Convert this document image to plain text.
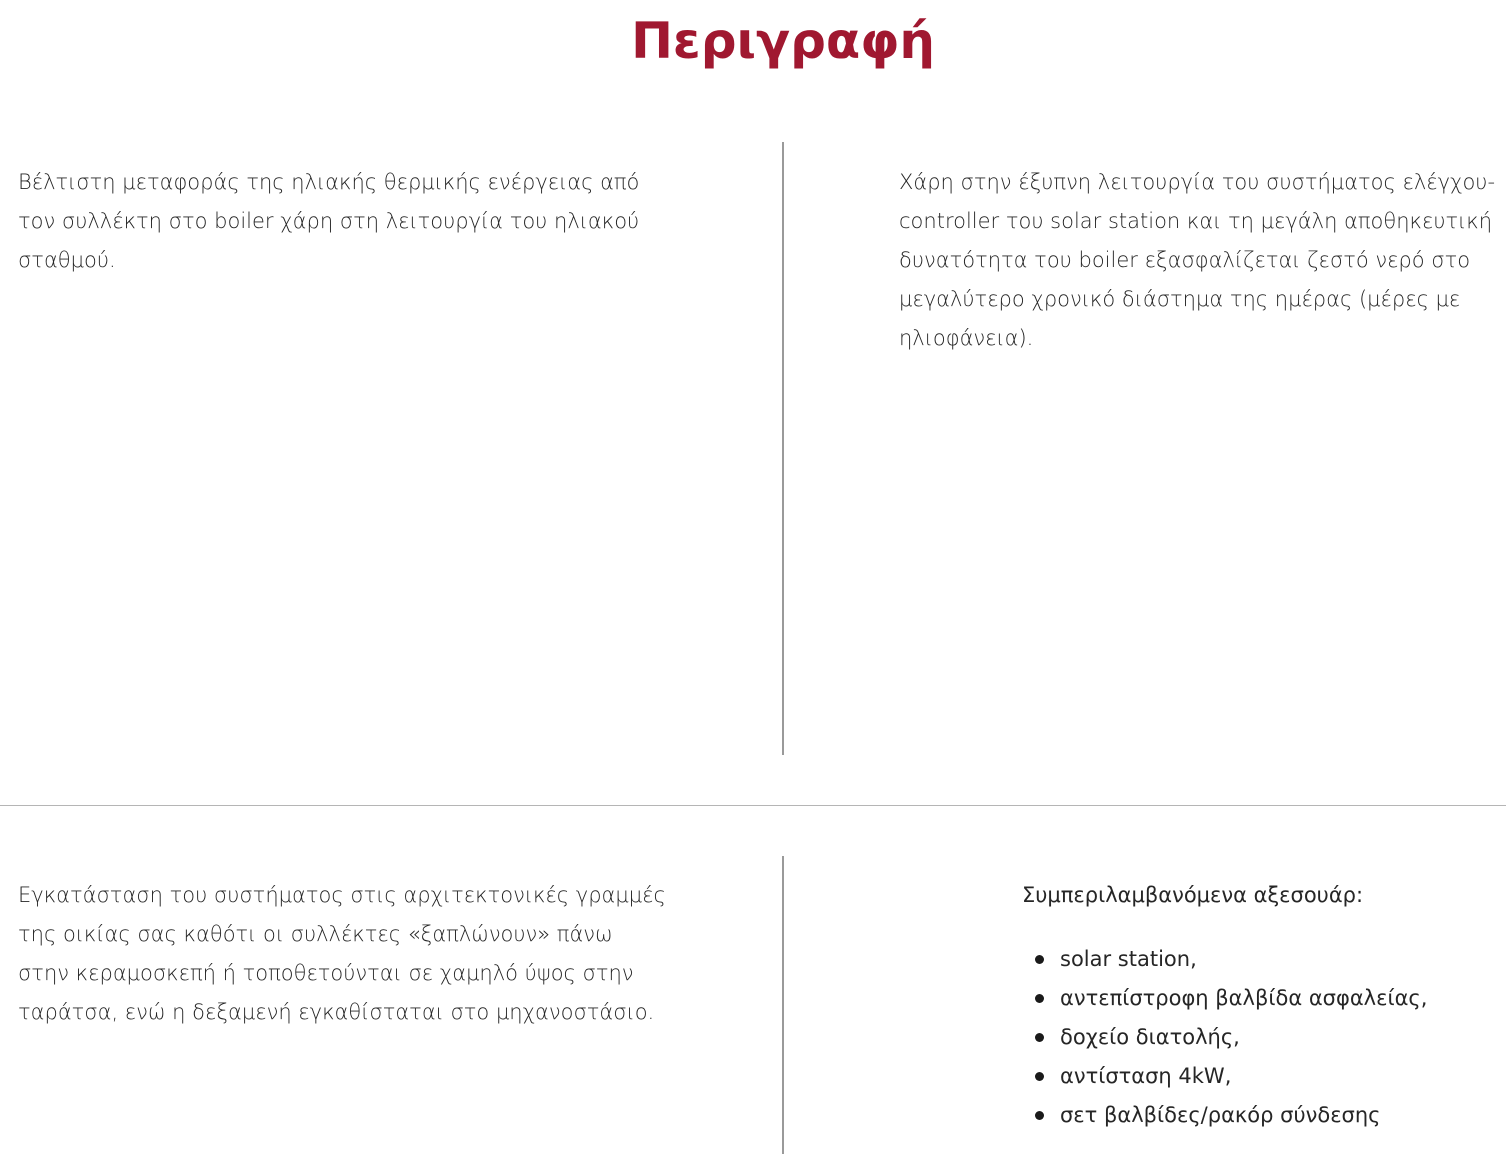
Περιγραφή

Βέλτιστη μεταφοράς της ηλιακής θερμικής ενέργειας από τον συλλέκτη στο boiler χάρη στη λειτουργία του ηλιακού σταθμού.

Χάρη στην έξυπνη λειτουργία του συστήματος ελέγχου-controller του solar station και τη μεγάλη αποθηκευτική δυνατότητα του boiler εξασφαλίζεται ζεστό νερό στο μεγαλύτερο χρονικό διάστημα της ημέρας (μέρες με ηλιοφάνεια).

Εγκατάσταση του συστήματος στις αρχιτεκτονικές γραμμές της οικίας σας καθότι οι συλλέκτες «ξαπλώνουν» πάνω στην κεραμοσκεπή ή τοποθετούνται σε χαμηλό ύψος στην ταράτσα, ενώ η δεξαμενή εγκαθίσταται στο μηχανοστάσιο.

Συμπεριλαμβανόμενα αξεσουάρ:

solar station,
αντεπίστροφη βαλβίδα ασφαλείας,
δοχείο διατολής,
αντίσταση 4kW,
σετ βαλβίδες/ρακόρ σύνδεσης
